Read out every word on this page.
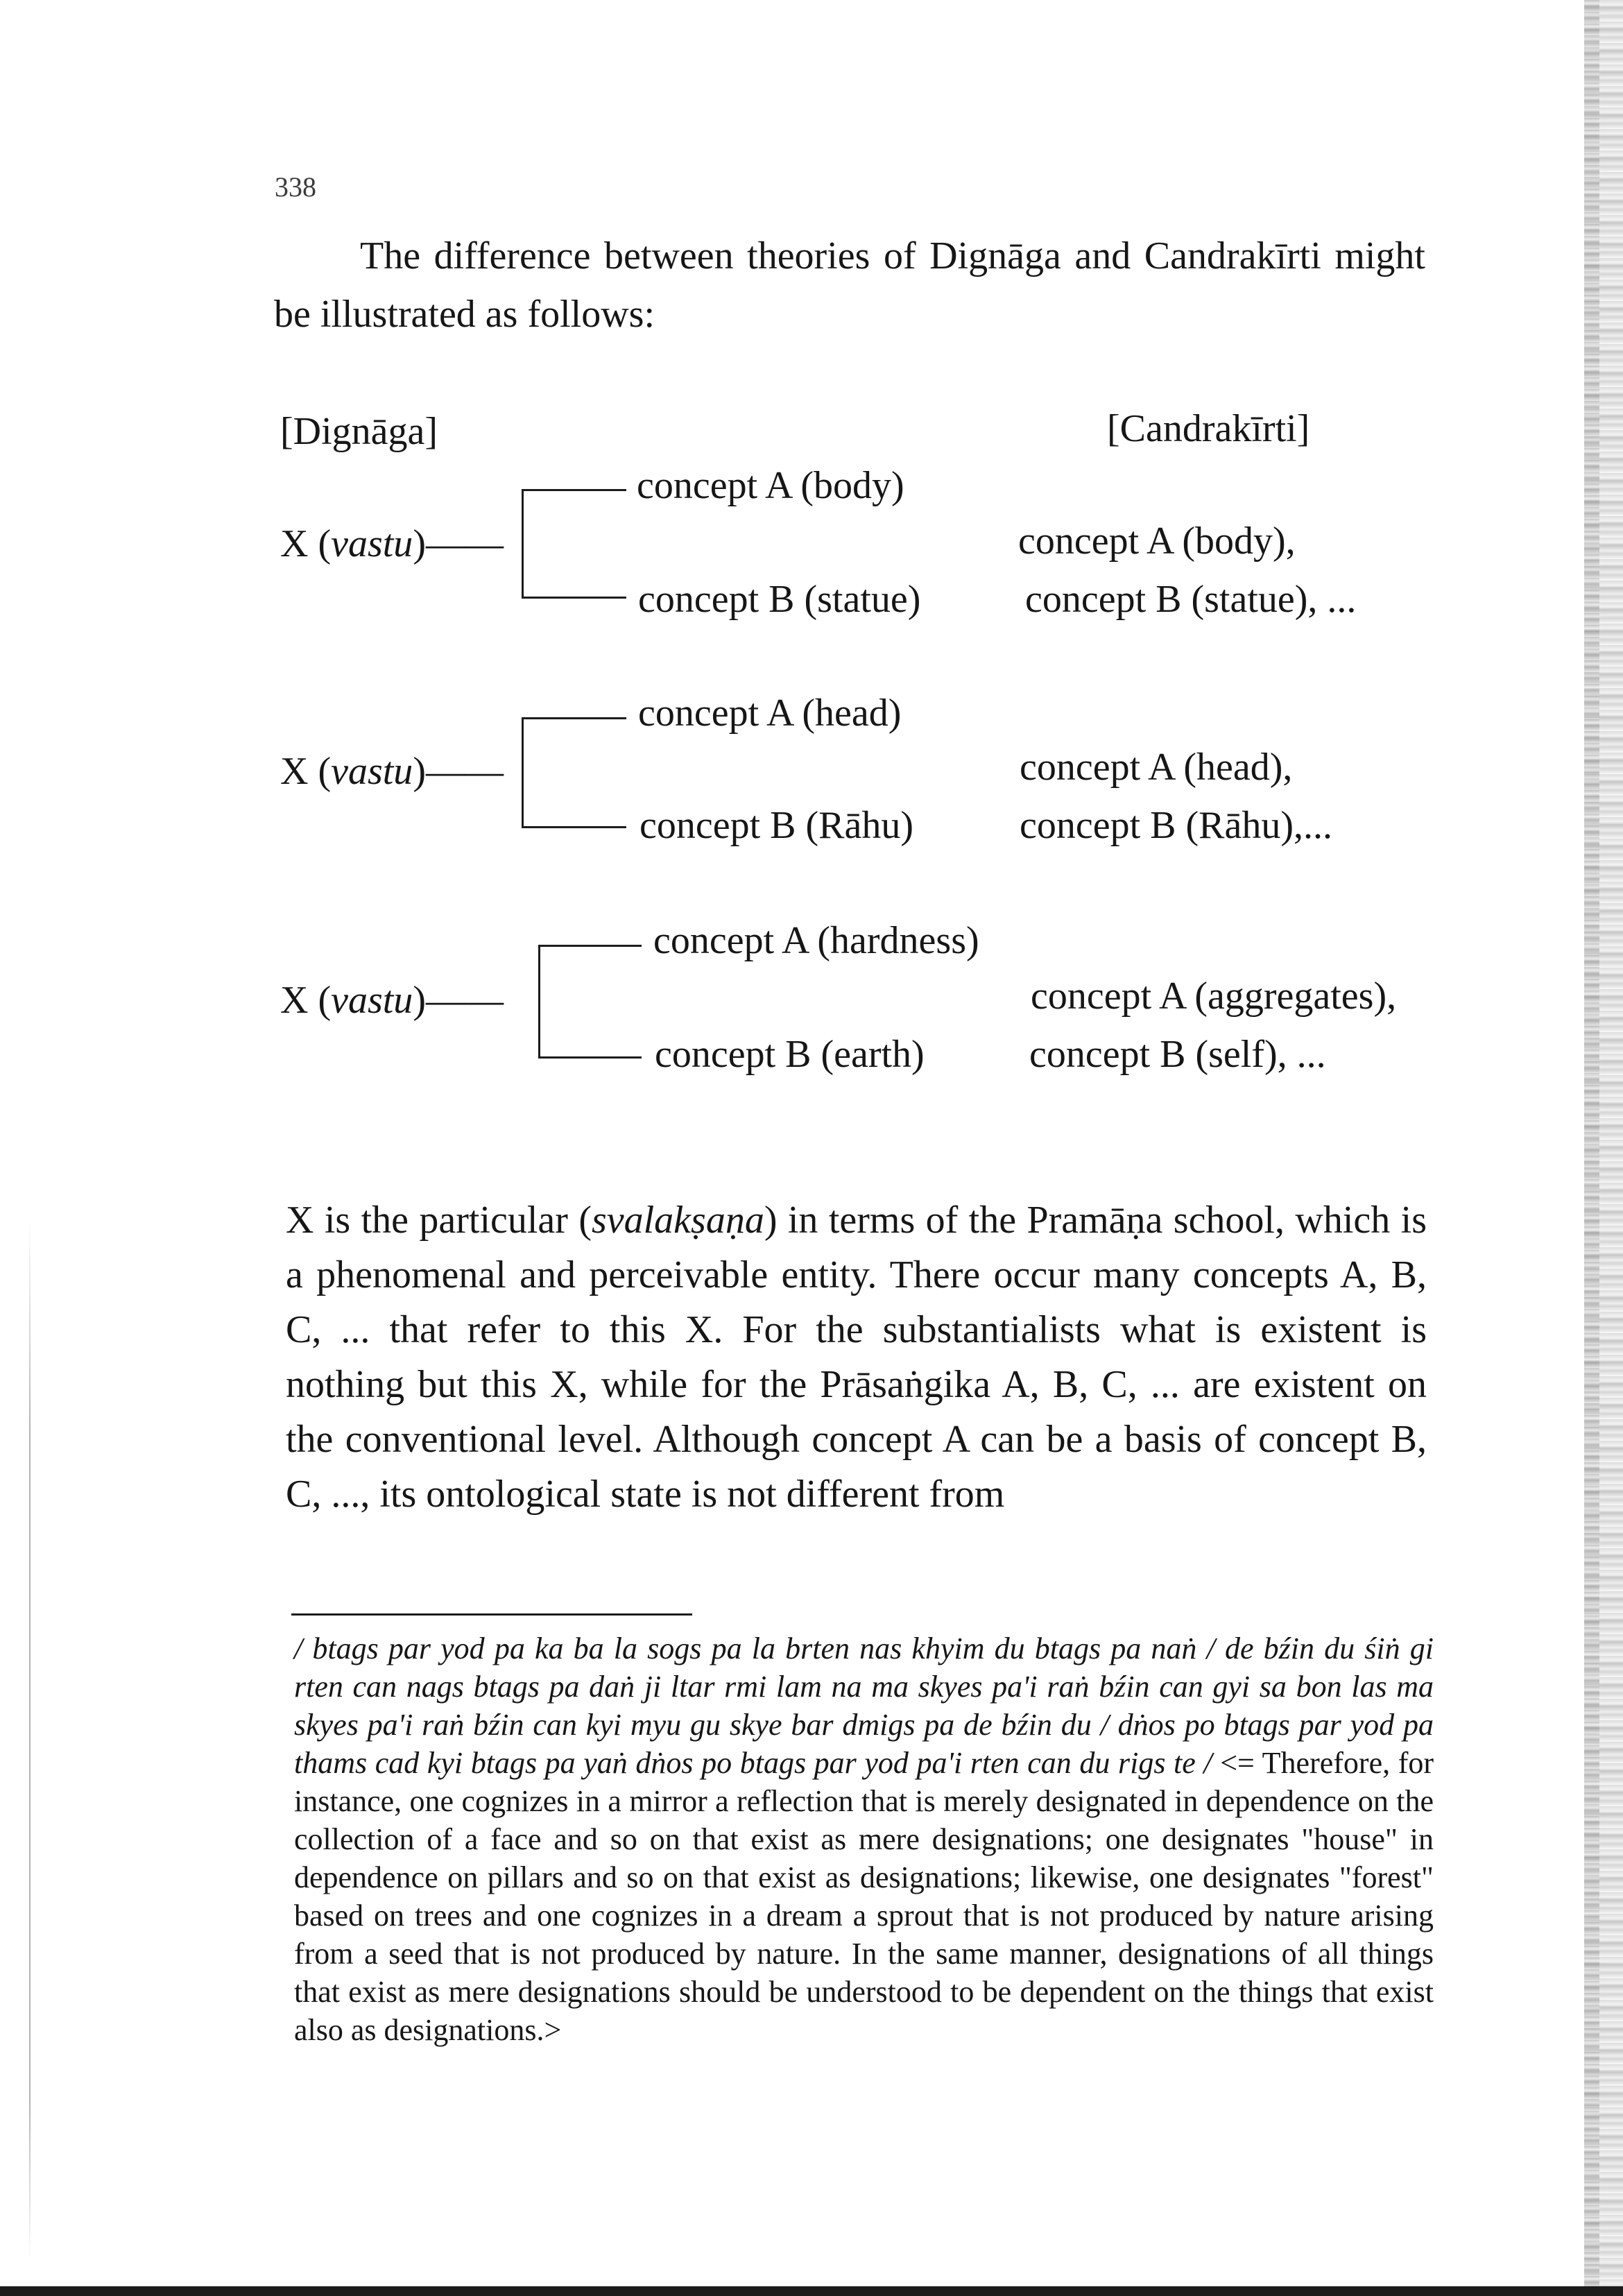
338

The difference between theories of Dignāga and Candrakīrti might be illustrated as follows:

[Dignāga]	[Candrakīrti]
X (vastu)——
concept A (body)
concept B (statue)
concept A (body),
concept B (statue), ...
X (vastu)——
concept A (head)
concept B (Rāhu)
concept A (head),
concept B (Rāhu),...
X (vastu)——
concept A (hardness)
concept B (earth)
concept A (aggregates),
concept B (self), ...

X is the particular (svalakṣaṇa) in terms of the Pramāṇa school, which is a phenomenal and perceivable entity. There occur many concepts A, B, C, ... that refer to this X. For the substantialists what is existent is nothing but this X, while for the Prāsaṅgika A, B, C, ... are existent on the conventional level. Although concept A can be a basis of concept B, C, ..., its ontological state is not different from

/ btags par yod pa ka ba la sogs pa la brten nas khyim du btags pa naṅ / de bźin du śiṅ gi rten can nags btags pa daṅ ji ltar rmi lam na ma skyes pa'i raṅ bźin can gyi sa bon las ma skyes pa'i raṅ bźin can kyi myu gu skye bar dmigs pa de bźin du / dṅos po btags par yod pa thams cad kyi btags pa yaṅ dṅos po btags par yod pa'i rten can du rigs te / <= Therefore, for instance, one cognizes in a mirror a reflection that is merely designated in dependence on the collection of a face and so on that exist as mere designations; one designates "house" in dependence on pillars and so on that exist as designations; likewise, one designates "forest" based on trees and one cognizes in a dream a sprout that is not produced by nature arising from a seed that is not produced by nature. In the same manner, designations of all things that exist as mere designations should be understood to be dependent on the things that exist also as designations.>
